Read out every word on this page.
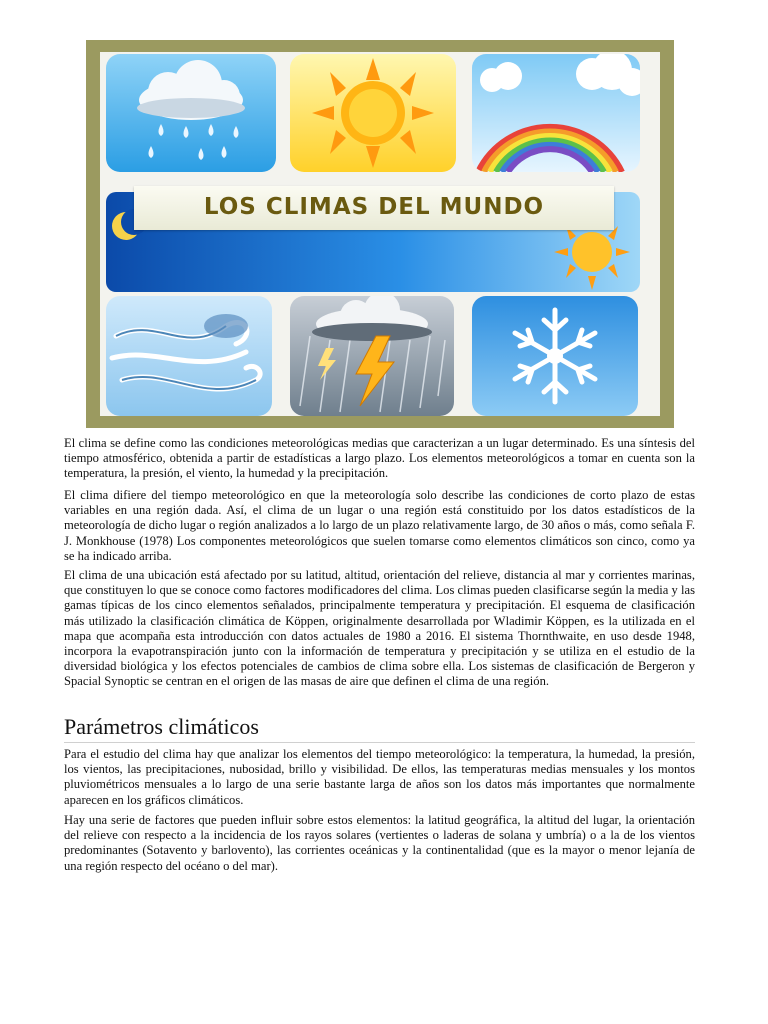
LOS CLIMAS DEL MUNDO

El clima se define como las condiciones meteorológicas medias que caracterizan a un lugar determinado. Es una síntesis del tiempo atmosférico, obtenida a partir de estadísticas a largo plazo. Los elementos meteorológicos a tomar en cuenta son la temperatura, la presión, el viento, la humedad y la precipitación.

El clima difiere del tiempo meteorológico en que la meteorología solo describe las condiciones de corto plazo de estas variables en una región dada. Así, el clima de un lugar o una región está constituido por los datos estadísticos de la meteorología de dicho lugar o región analizados a lo largo de un plazo relativamente largo, de 30 años o más, como señala F. J. Monkhouse (1978) Los componentes meteorológicos que suelen tomarse como elementos climáticos son cinco, como ya se ha indicado arriba.

El clima de una ubicación está afectado por su latitud, altitud, orientación del relieve, distancia al mar y corrientes marinas, que constituyen lo que se conoce como factores modificadores del clima. Los climas pueden clasificarse según la media y las gamas típicas de los cinco elementos señalados, principalmente temperatura y precipitación. El esquema de clasificación más utilizado la clasificación climática de Köppen, originalmente desarrollada por Wladimir Köppen, es la utilizada en el mapa que acompaña esta introducción con datos actuales de 1980 a 2016. El sistema Thornthwaite, en uso desde 1948, incorpora la evapotranspiración junto con la información de temperatura y precipitación y se utiliza en el estudio de la diversidad biológica y los efectos potenciales de cambios de clima sobre ella. Los sistemas de clasificación de Bergeron y Spacial Synoptic se centran en el origen de las masas de aire que definen el clima de una región.

Parámetros climáticos

Para el estudio del clima hay que analizar los elementos del tiempo meteorológico: la temperatura, la humedad, la presión, los vientos, las precipitaciones, nubosidad, brillo y visibilidad. De ellos, las temperaturas medias mensuales y los montos pluviométricos mensuales a lo largo de una serie bastante larga de años son los datos más importantes que normalmente aparecen en los gráficos climáticos.

Hay una serie de factores que pueden influir sobre estos elementos: la latitud geográfica, la altitud del lugar, la orientación del relieve con respecto a la incidencia de los rayos solares (vertientes o laderas de solana y umbría) o a la de los vientos predominantes (Sotavento y barlovento), las corrientes oceánicas y la continentalidad (que es la mayor o menor lejanía de una región respecto del océano o del mar).
